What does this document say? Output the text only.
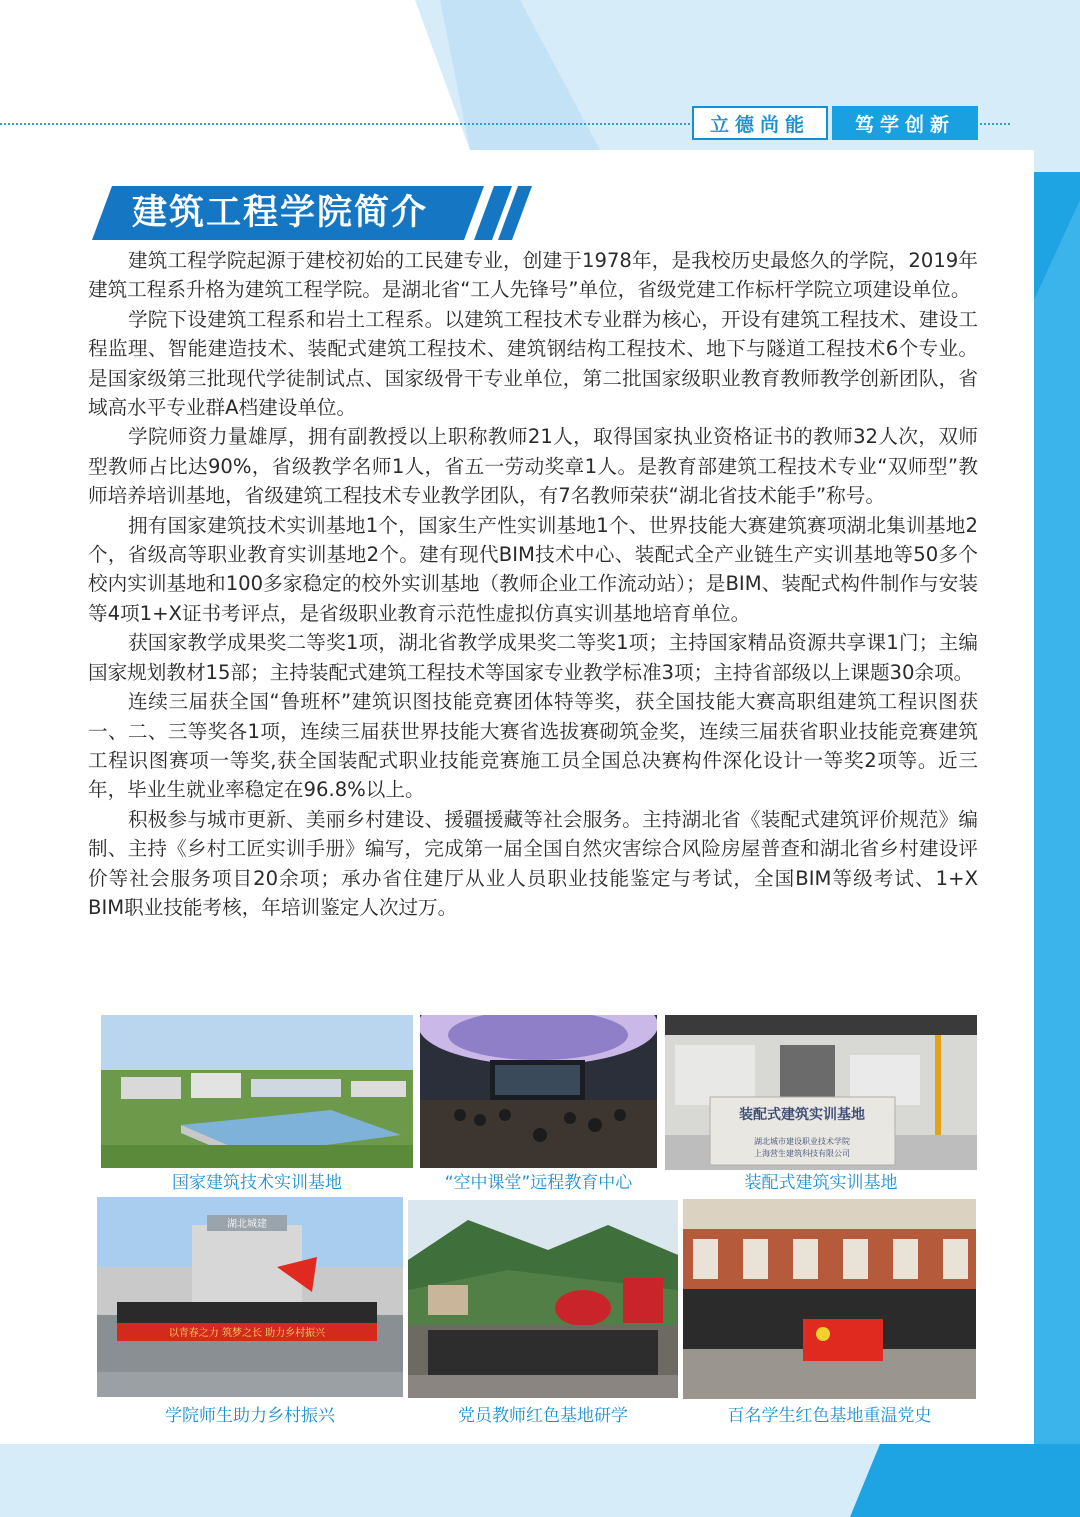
立德尚能	笃学创新
建筑工程学院简介

建筑工程学院起源于建校初始的工民建专业，创建于1978年，是我校历史最悠久的学院，2019年建筑工程系升格为建筑工程学院。是湖北省“工人先锋号”单位，省级党建工作标杆学院立项建设单位。

学院下设建筑工程系和岩土工程系。以建筑工程技术专业群为核心，开设有建筑工程技术、建设工程监理、智能建造技术、装配式建筑工程技术、建筑钢结构工程技术、地下与隧道工程技术6个专业。是国家级第三批现代学徒制试点、国家级骨干专业单位，第二批国家级职业教育教师教学创新团队，省域高水平专业群A档建设单位。

学院师资力量雄厚，拥有副教授以上职称教师21人，取得国家执业资格证书的教师32人次，双师型教师占比达90%，省级教学名师1人，省五一劳动奖章1人。是教育部建筑工程技术专业“双师型”教师培养培训基地，省级建筑工程技术专业教学团队，有7名教师荣获“湖北省技术能手”称号。

拥有国家建筑技术实训基地1个，国家生产性实训基地1个、世界技能大赛建筑赛项湖北集训基地2个，省级高等职业教育实训基地2个。建有现代BIM技术中心、装配式全产业链生产实训基地等50多个校内实训基地和100多家稳定的校外实训基地（教师企业工作流动站）；是BIM、装配式构件制作与安装等4项1+X证书考评点，是省级职业教育示范性虚拟仿真实训基地培育单位。

获国家教学成果奖二等奖1项，湖北省教学成果奖二等奖1项；主持国家精品资源共享课1门；主编国家规划教材15部；主持装配式建筑工程技术等国家专业教学标准3项；主持省部级以上课题30余项。

连续三届获全国“鲁班杯”建筑识图技能竞赛团体特等奖，获全国技能大赛高职组建筑工程识图获一、二、三等奖各1项，连续三届获世界技能大赛省选拔赛砌筑金奖，连续三届获省职业技能竞赛建筑工程识图赛项一等奖,获全国装配式职业技能竞赛施工员全国总决赛构件深化设计一等奖2项等。近三年，毕业生就业率稳定在96.8%以上。

积极参与城市更新、美丽乡村建设、援疆援藏等社会服务。主持湖北省《装配式建筑评价规范》编制、主持《乡村工匠实训手册》编写，完成第一届全国自然灾害综合风险房屋普查和湖北省乡村建设评价等社会服务项目20余项；承办省住建厅从业人员职业技能鉴定与考试，全国BIM等级考试、1+X BIM职业技能考核，年培训鉴定人次过万。

国家建筑技术实训基地	“空中课堂”远程教育中心
装配式建筑实训基地
湖北城市建设职业技术学院
上海营生建筑科技有限公司
装配式建筑实训基地
湖北城建
以青春之力 筑梦之长 助力乡村振兴
学院师生助力乡村振兴	党员教师红色基地研学	百名学生红色基地重温党史
